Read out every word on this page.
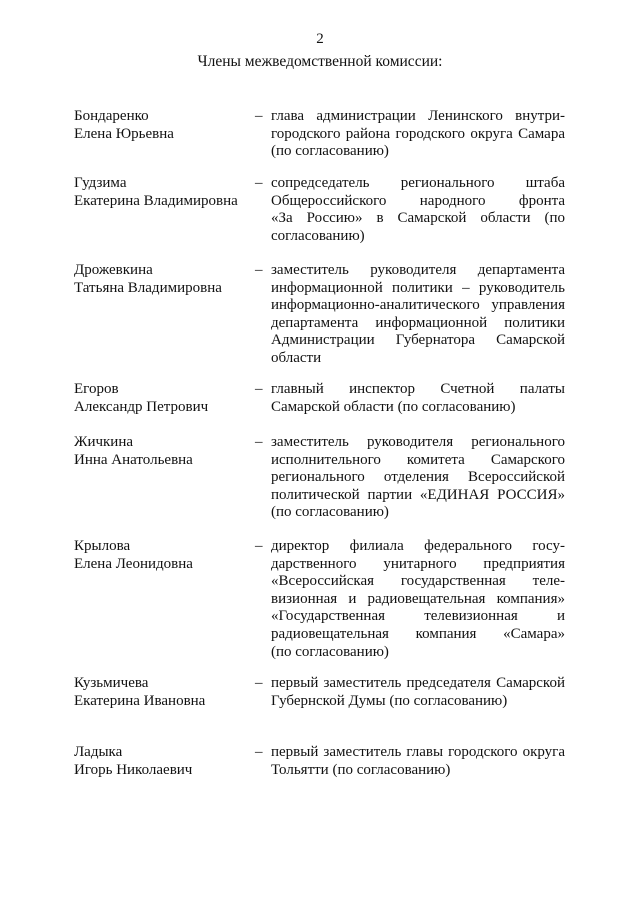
2
Члены межведомственной комиссии:
Бондаренко
Елена Юрьевна
– глава администрации Ленинского внутри-
городского района городского округа Самара
(по согласованию)
Гудзима
Екатерина Владимировна
– сопредседатель регионального штаба
Общероссийского народного фронта
«За Россию» в Самарской области (по
согласованию)
Дрожевкина
Татьяна Владимировна
– заместитель руководителя департамента
информационной политики – руководитель
информационно-аналитического управления
департамента информационной политики
Администрации Губернатора Самарской
области
Егоров
Александр Петрович
– главный инспектор Счетной палаты
Самарской области (по согласованию)
Жичкина
Инна Анатольевна
– заместитель руководителя регионального
исполнительного комитета Самарского
регионального отделения Всероссийской
политической партии «ЕДИНАЯ РОССИЯ»
(по согласованию)
Крылова
Елена Леонидовна
– директор филиала федерального госу-
дарственного унитарного предприятия
«Всероссийская государственная теле-
визионная и радиовещательная компания»
«Государственная телевизионная и
радиовещательная компания «Самара»
(по согласованию)
Кузьмичева
Екатерина Ивановна
– первый заместитель председателя Самарской
Губернской Думы (по согласованию)
Ладыка
Игорь Николаевич
– первый заместитель главы городского округа
Тольятти (по согласованию)
